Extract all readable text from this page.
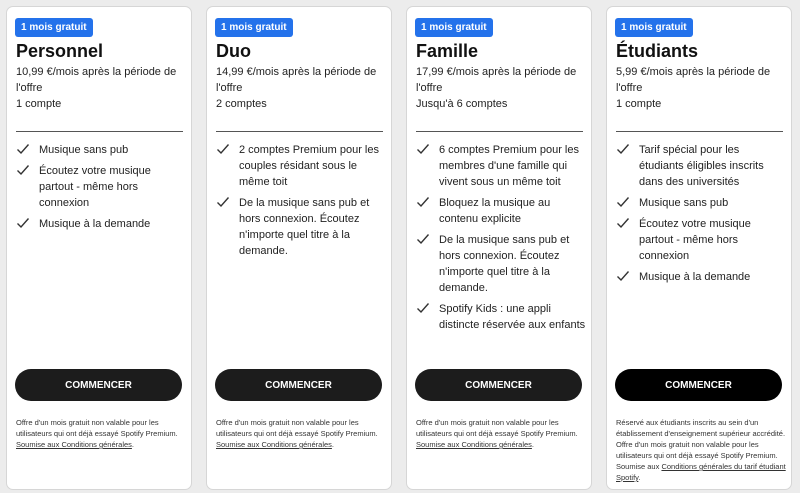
1 mois gratuit
Personnel
10,99 €/mois après la période de l'offre
1 compte
Musique sans pub
Écoutez votre musique partout - même hors connexion
Musique à la demande
COMMENCER
Offre d'un mois gratuit non valable pour les utilisateurs qui ont déjà essayé Spotify Premium. Soumise aux Conditions générales.
1 mois gratuit
Duo
14,99 €/mois après la période de l'offre
2 comptes
2 comptes Premium pour les couples résidant sous le même toit
De la musique sans pub et hors connexion. Écoutez n'importe quel titre à la demande.
COMMENCER
Offre d'un mois gratuit non valable pour les utilisateurs qui ont déjà essayé Spotify Premium. Soumise aux Conditions générales.
1 mois gratuit
Famille
17,99 €/mois après la période de l'offre
Jusqu'à 6 comptes
6 comptes Premium pour les membres d'une famille qui vivent sous un même toit
Bloquez la musique au contenu explicite
De la musique sans pub et hors connexion. Écoutez n'importe quel titre à la demande.
Spotify Kids : une appli distincte réservée aux enfants
COMMENCER
Offre d'un mois gratuit non valable pour les utilisateurs qui ont déjà essayé Spotify Premium. Soumise aux Conditions générales.
1 mois gratuit
Étudiants
5,99 €/mois après la période de l'offre
1 compte
Tarif spécial pour les étudiants éligibles inscrits dans des universités
Musique sans pub
Écoutez votre musique partout - même hors connexion
Musique à la demande
COMMENCER
Réservé aux étudiants inscrits au sein d'un établissement d'enseignement supérieur accrédité. Offre d'un mois gratuit non valable pour les utilisateurs qui ont déjà essayé Spotify Premium. Soumise aux Conditions générales du tarif étudiant Spotify.
